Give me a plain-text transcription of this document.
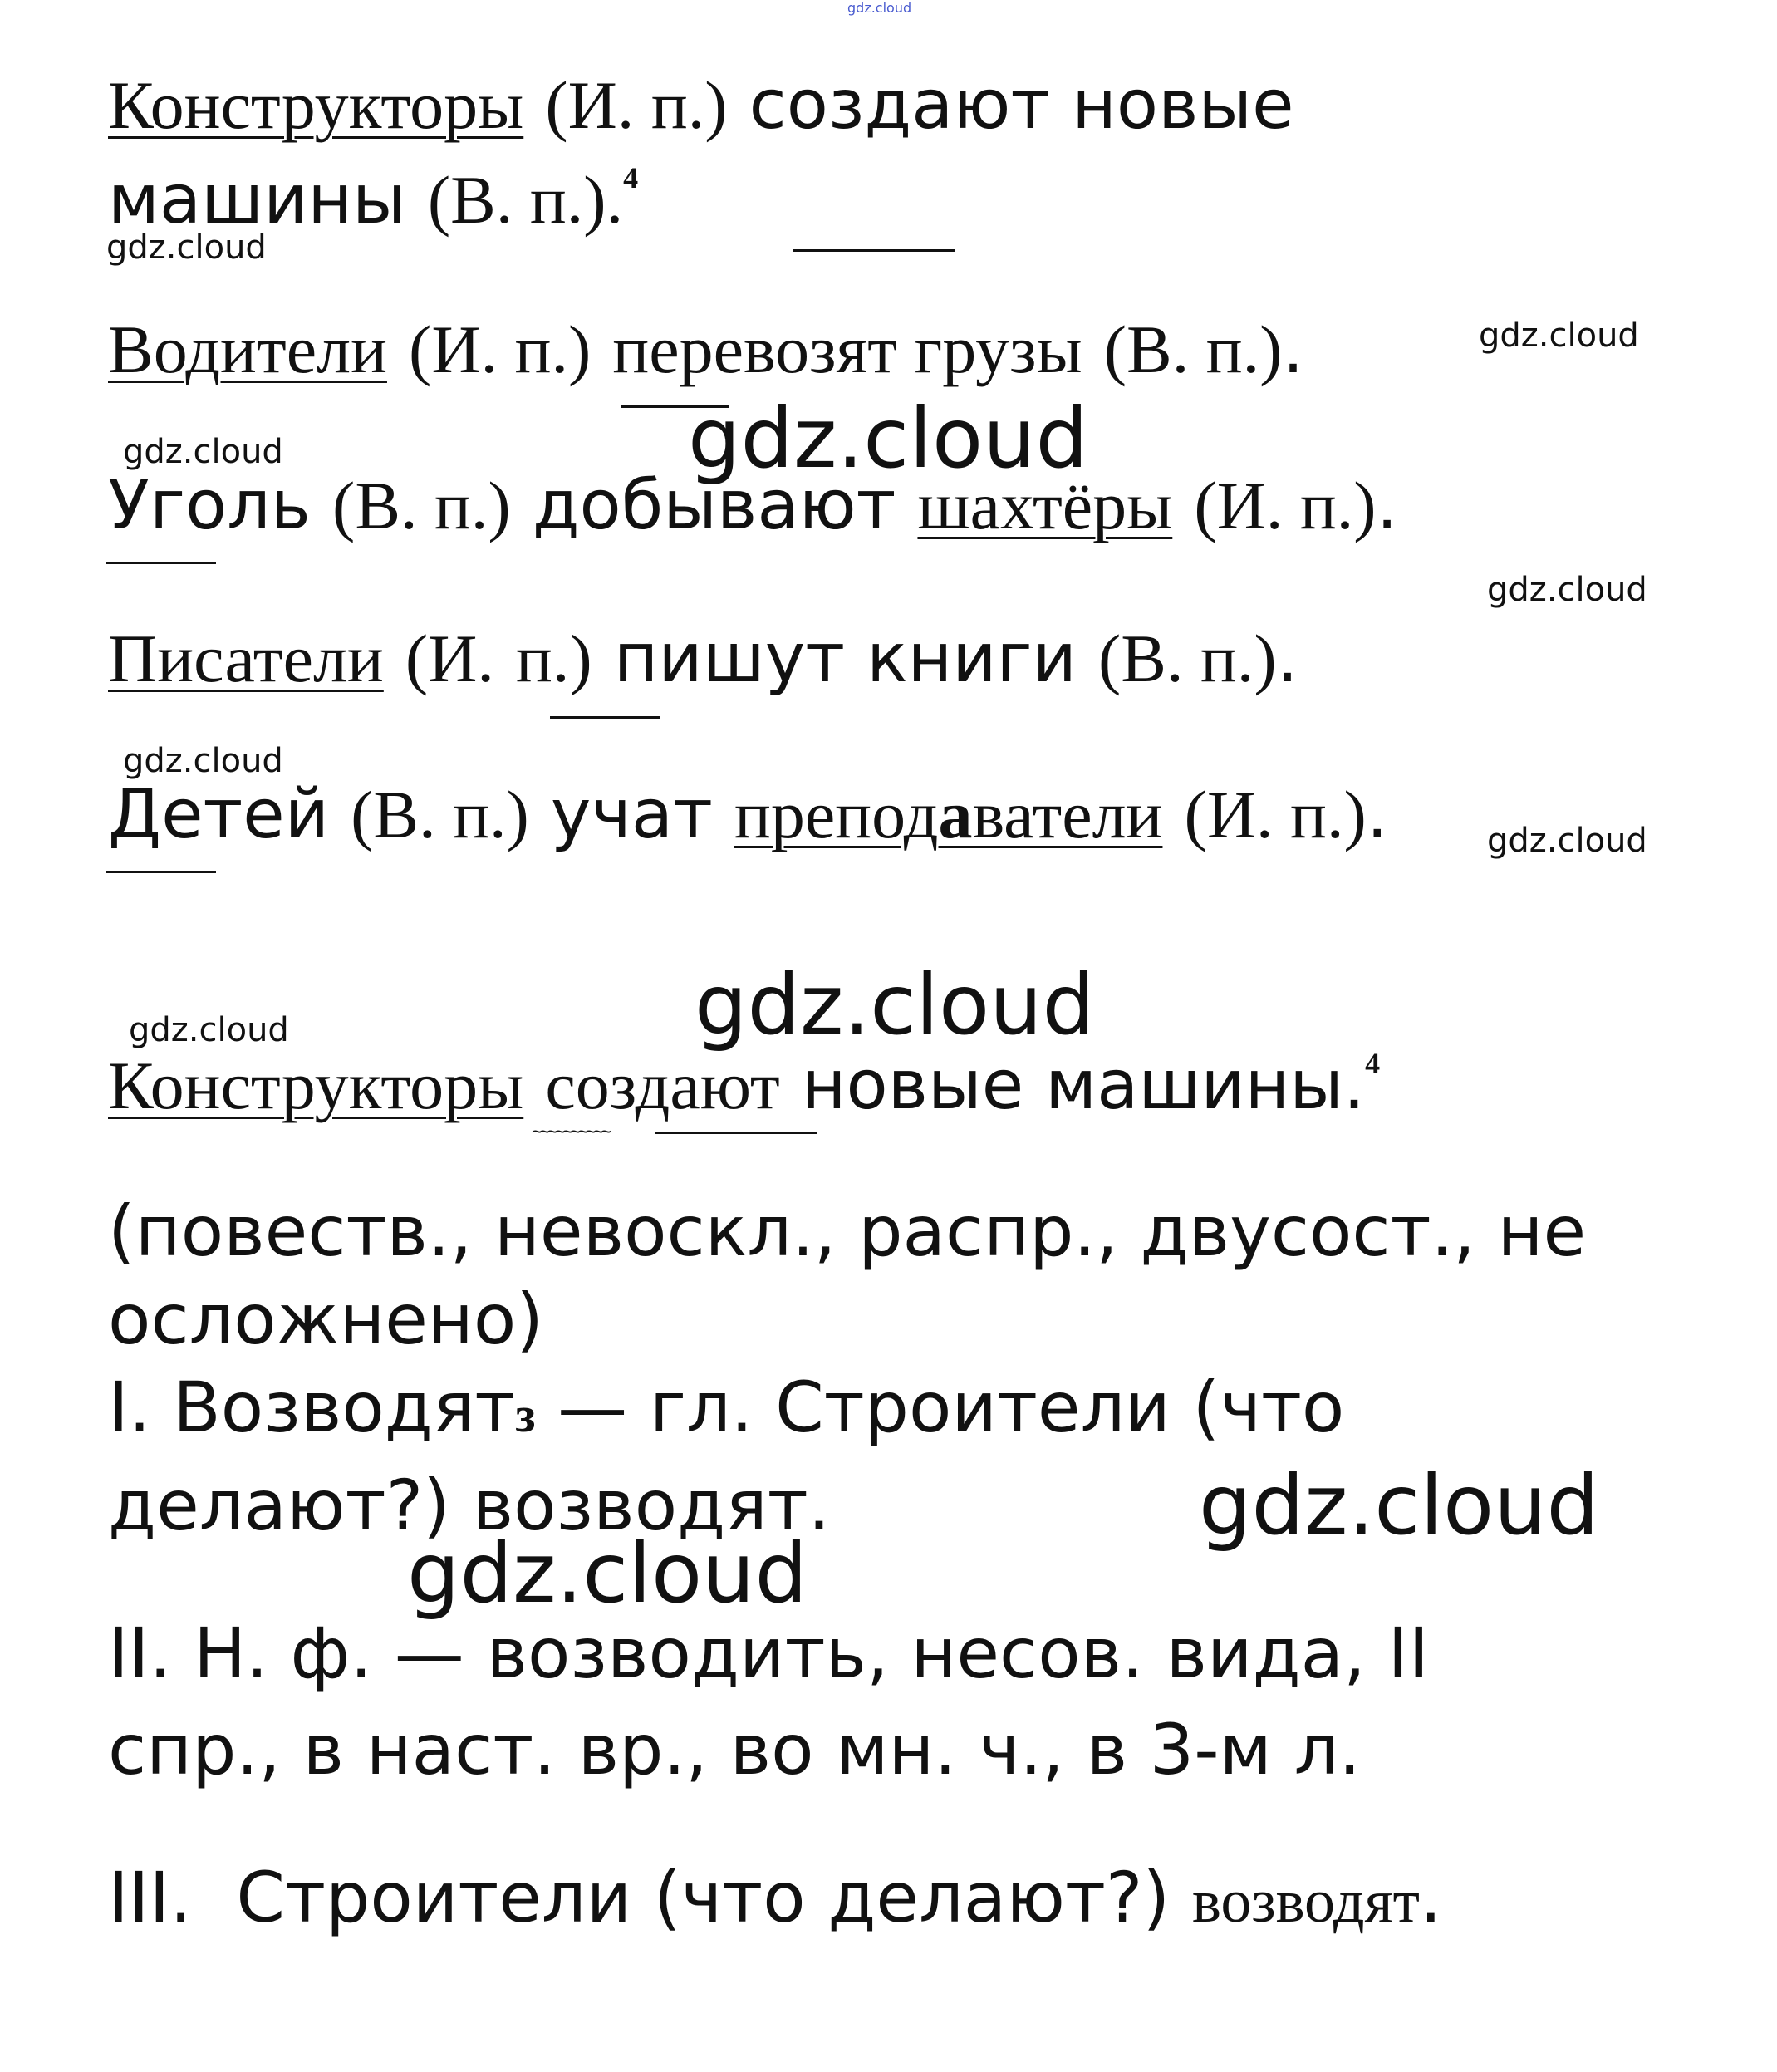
gdz.cloud
Конструкторы (И. п.) создают новые
машины (В. п.).$^4$
gdz.cloud
Водители (И. п.) перевозят грузы (В. п.).	gdz.cloud
gdz.cloud
gdz.cloud
Уголь (В. п.) добывают шахтёры (И. п.).
gdz.cloud
Писатели (И. п.) пишут книги (В. п.).
gdz.cloud
Детей (В. п.) учат преподаватели (И. п.).	gdz.cloud
gdz.cloud
gdz.cloud
Конструкторы создают новые машины.$^4$
~~~~~~~~~~
(повеств., невоскл., распр., двусост., не
осложнено)
I. Возводятз — гл. Строители (что
делают?) возводят.	gdz.cloud
gdz.cloud
II. Н. ф. — возводить, несов. вида, II
спр., в наст. вр., во мн. ч., в 3-м л.
III.  Строители (что делают?) возводят.
